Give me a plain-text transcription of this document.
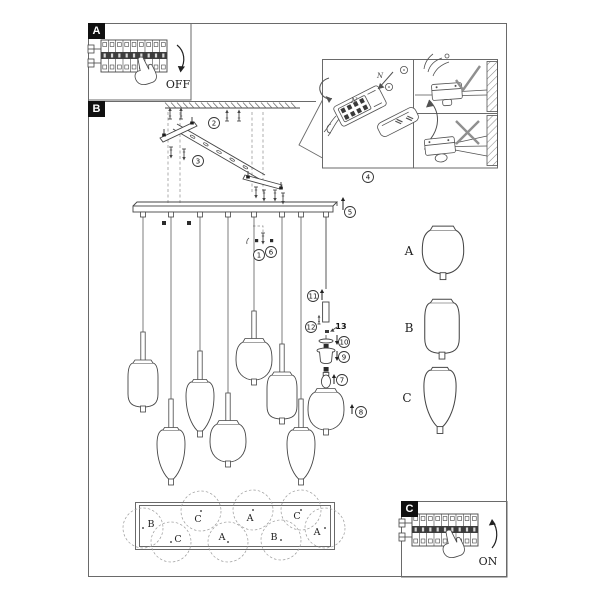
OFF
ON
N
N
A
B
C
1
2
3
4
5
6
7
8
9
10
11
12 13
B
C
C
A
A
B
C
A
A
B
C
